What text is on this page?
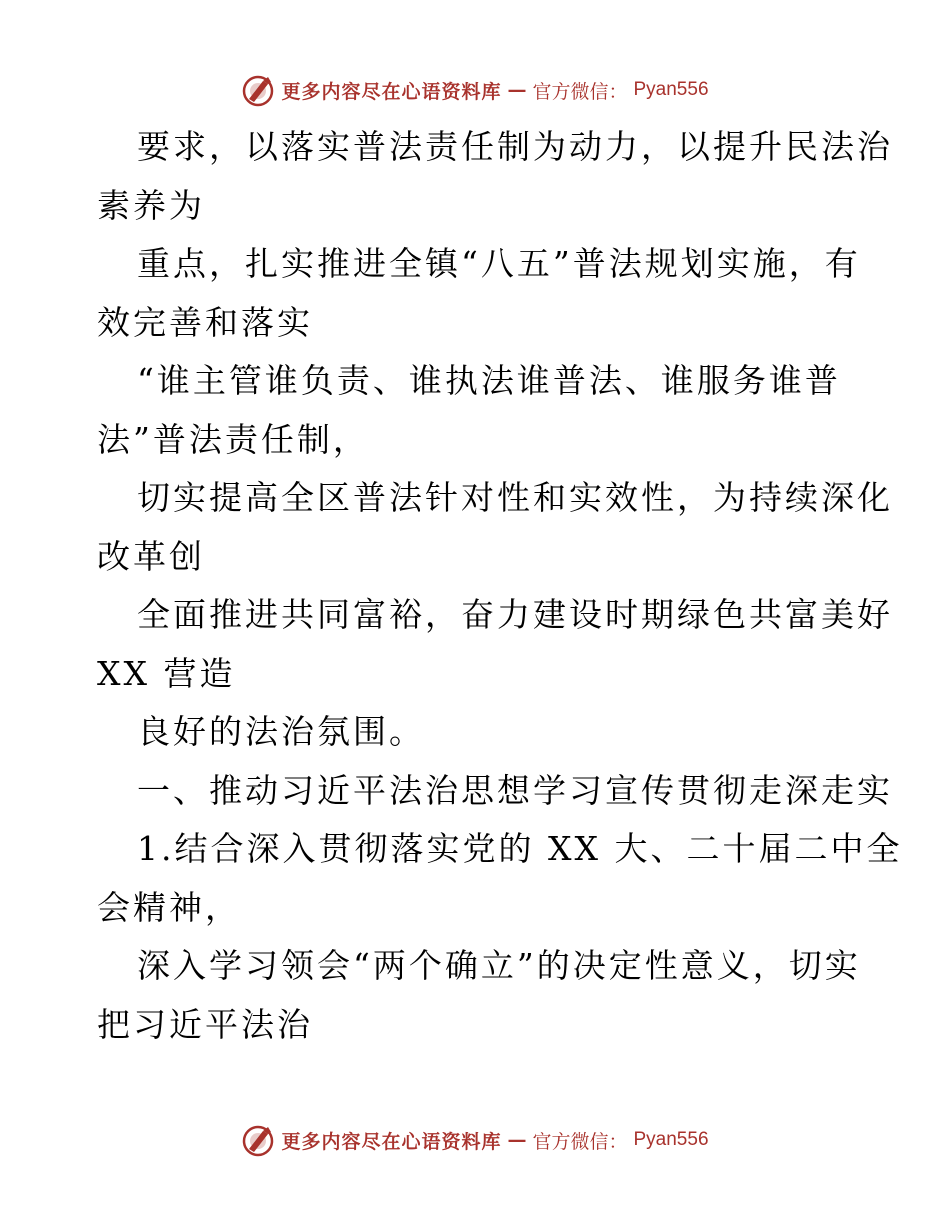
更多内容尽在心语资料库 — 官方微信： Pyan556
要求，以落实普法责任制为动力，以提升民法治
素养为
重点，扎实推进全镇“八五”普法规划实施，有
效完善和落实
“谁主管谁负责、谁执法谁普法、谁服务谁普
法”普法责任制，
切实提高全区普法针对性和实效性，为持续深化
改革创
全面推进共同富裕，奋力建设时期绿色共富美好
XX 营造
良好的法治氛围。
一、推动习近平法治思想学习宣传贯彻走深走实
1.结合深入贯彻落实党的 XX 大、二十届二中全
会精神，
深入学习领会“两个确立”的决定性意义，切实
把习近平法治
更多内容尽在心语资料库 — 官方微信： Pyan556
